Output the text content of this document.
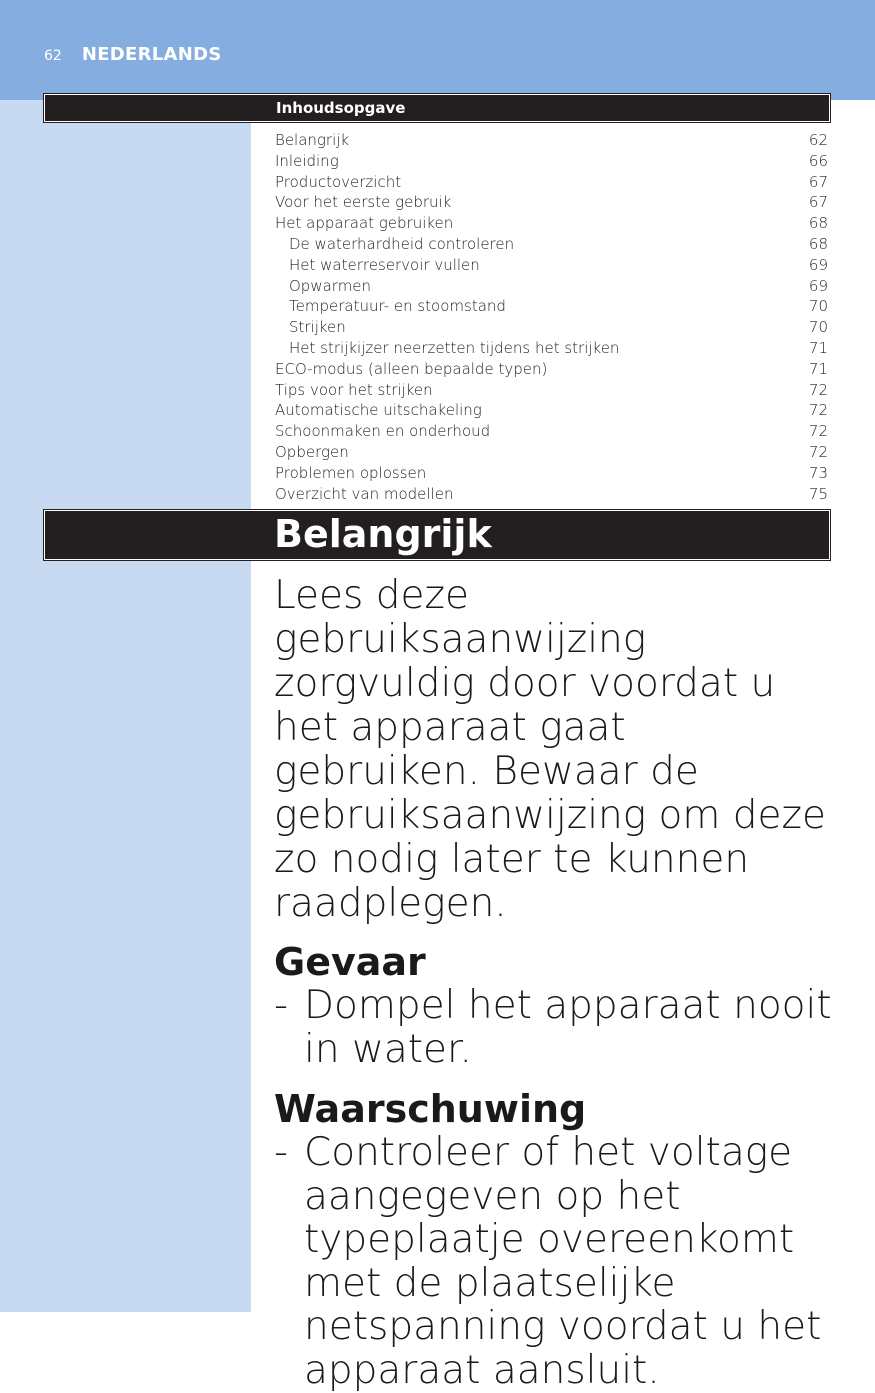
62 NEDERLANDS
Inhoudsopgave
Belangrijk	62
Inleiding	66
Productoverzicht	67
Voor het eerste gebruik	67
Het apparaat gebruiken	68
De waterhardheid controleren	68
Het waterreservoir vullen	69
Opwarmen	69
Temperatuur- en stoomstand	70
Strijken	70
Het strijkijzer neerzetten tijdens het strijken	71
ECO-modus (alleen bepaalde typen)	71
Tips voor het strijken	72
Automatische uitschakeling	72
Schoonmaken en onderhoud	72
Opbergen	72
Problemen oplossen	73
Overzicht van modellen	75
Belangrijk

Lees deze gebruiksaanwijzing zorgvuldig door voordat u het apparaat gaat gebruiken. Bewaar de gebruiksaanwijzing om deze zo nodig later te kunnen raadplegen.

Gevaar
- Dompel het apparaat nooit in water.
Waarschuwing
- Controleer of het voltage aangegeven op het typeplaatje overeenkomt met de plaatselijke netspanning voordat u het apparaat aansluit.
